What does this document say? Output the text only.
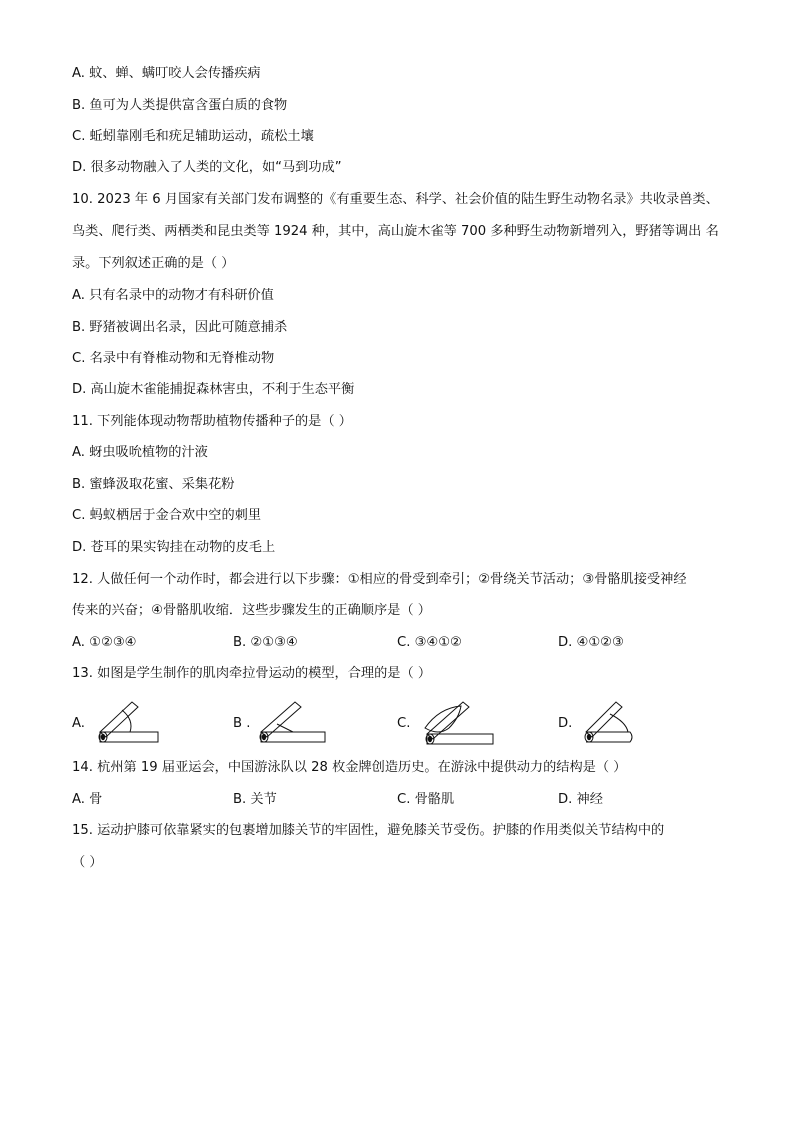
A. 蚊、蝉、螨叮咬人会传播疾病
B. 鱼可为人类提供富含蛋白质的食物
C. 蚯蚓靠刚毛和疣足辅助运动，疏松土壤
D. 很多动物融入了人类的文化，如“马到功成”
10. 2023 年 6 月国家有关部门发布调整的《有重要生态、科学、社会价值的陆生野生动物名录》共收录兽类、
鸟类、爬行类、两栖类和昆虫类等 1924 种，其中，高山旋木雀等 700 多种野生动物新增列入，野猪等调出 名
录。下列叙述正确的是（ ）
A. 只有名录中的动物才有科研价值
B. 野猪被调出名录，因此可随意捕杀
C. 名录中有脊椎动物和无脊椎动物
D. 高山旋木雀能捕捉森林害虫，不利于生态平衡
11. 下列能体现动物帮助植物传播种子的是（ ）
A. 蚜虫吸吮植物的汁液
B. 蜜蜂汲取花蜜、采集花粉
C. 蚂蚁栖居于金合欢中空的刺里
D. 苍耳的果实钩挂在动物的皮毛上
12. 人做任何一个动作时，都会进行以下步骤：①相应的骨受到牵引；②骨绕关节活动；③骨骼肌接受神经
传来的兴奋；④骨骼肌收缩．这些步骤发生的正确顺序是（ ）
A. ①②③④	B. ②①③④	C. ③④①②	D. ④①②③
13. 如图是学生制作的肌肉牵拉骨运动的模型，合理的是（ ）
A.	B .	C.	D.
14. 杭州第 19 届亚运会，中国游泳队以 28 枚金牌创造历史。在游泳中提供动力的结构是（ ）
A. 骨	B. 关节	C. 骨骼肌	D. 神经
15. 运动护膝可依靠紧实的包裹增加膝关节的牢固性，避免膝关节受伤。护膝的作用类似关节结构中的
（ ）
